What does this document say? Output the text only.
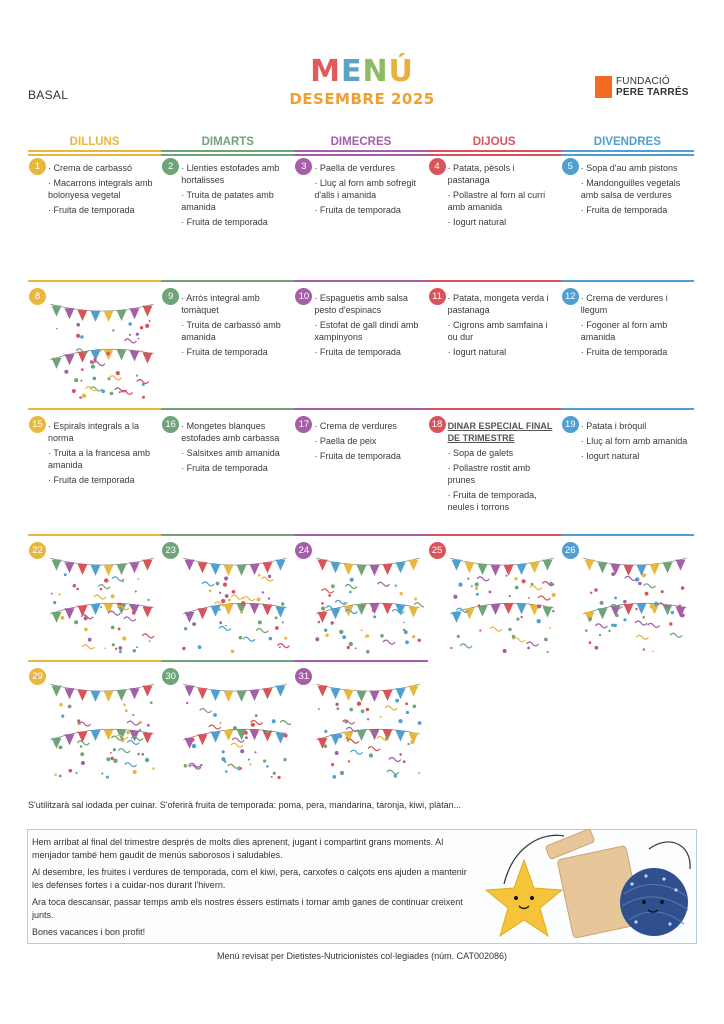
BASAL
MENÚ
DESEMBRE 2025
FUNDACIÓ
PERE TARRÉS
DILLUNS	DIMARTS	DIMECRES	DIJOUS	DIVENDRES
1 · Crema de carbassó
· Macarrons integrals amb bolonyesa vegetal
· Fruita de temporada
2 · Llenties estofades amb hortalisses
· Truita de patates amb amanida
· Fruita de temporada
3 · Paella de verdures
· Lluç al forn amb sofregit d'alls i amanida
· Fruita de temporada
4 · Patata, pèsols i pastanaga
· Pollastre al forn al curri amb amanida
· Iogurt natural
5 · Sopa d'au amb pistons
· Mandonguilles vegetals amb salsa de verdures
· Fruita de temporada
8	9 · Arròs integral amb tomàquet
· Truita de carbassó amb amanida
· Fruita de temporada
10 · Espaguetis amb salsa pesto d'espinacs
· Estofat de gall dindi amb xampinyons
· Fruita de temporada
11 · Patata, mongeta verda i pastanaga
· Cigrons amb samfaina i ou dur
· Iogurt natural
12 · Crema de verdures i llegum
· Fogoner al forn amb amanida
· Fruita de temporada
15 · Espirals integrals a la norma
· Truita a la francesa amb amanida
· Fruita de temporada
16 · Mongetes blanques estofades amb carbassa
· Salsitxes amb amanida
· Fruita de temporada
17 · Crema de verdures
· Paella de peix
· Fruita de temporada
18 DINAR ESPECIAL FINAL DE TRIMESTRE
· Sopa de galets
· Pollastre rostit amb prunes
· Fruita de temporada, neules i torrons
19 · Patata i bròquil
· Lluç al forn amb amanida
· Iogurt natural
22	23	24	25	26
29	30	31
S'utilitzarà sal iodada per cuinar. S'oferirà fruita de temporada: poma, pera, mandarina, taronja, kiwi, plàtan...

Hem arribat al final del trimestre després de molts dies aprenent, jugant i compartint grans moments. Al menjador també hem gaudit de menús saborosos i saludables.

Al desembre, les fruites i verdures de temporada, com el kiwi, pera, carxofes o calçots ens ajuden a mantenir les defenses fortes i a cuidar-nos durant l'hivern.

Ara toca descansar, passar temps amb els nostres éssers estimats i tornar amb ganes de continuar creixent junts.

Bones vacances i bon profit!

Menú revisat per Dietistes-Nutricionistes col·legiades (núm. CAT002086)
